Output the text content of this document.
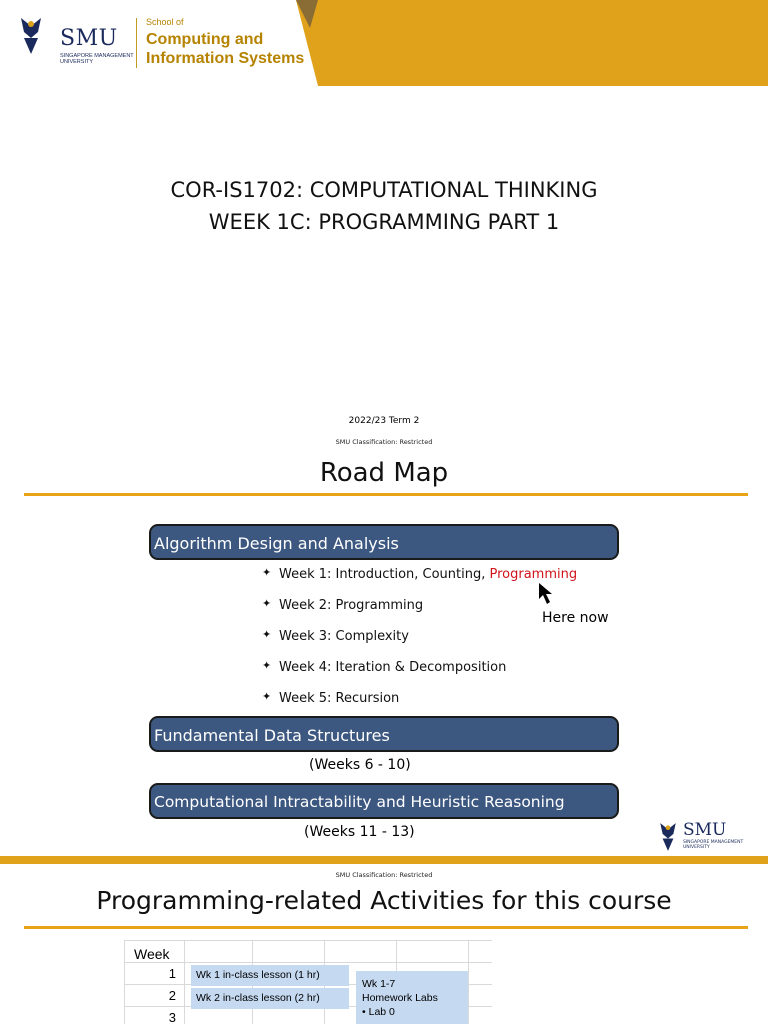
SMU
SINGAPORE MANAGEMENT UNIVERSITY
School of
Computing and
Information Systems
COR-IS1702: COMPUTATIONAL THINKING
WEEK 1C: PROGRAMMING PART 1
2022/23 Term 2
SMU Classification: Restricted
Road Map
Algorithm Design and Analysis
✦ Week 1: Introduction, Counting, Programming
✦ Week 2: Programming
✦ Week 3: Complexity
✦ Week 4: Iteration & Decomposition
✦ Week 5: Recursion
Here now
Fundamental Data Structures
(Weeks 6 - 10)
Computational Intractability and Heuristic Reasoning
(Weeks 11 - 13)	SMU
SINGAPORE MANAGEMENT UNIVERSITY
SMU Classification: Restricted
Programming-related Activities for this course
Week
1
2
3
Wk 1 in-class lesson (1 hr)
Wk 2 in-class lesson (2 hr)
Wk 1-7
Homework Labs
• Lab 0
